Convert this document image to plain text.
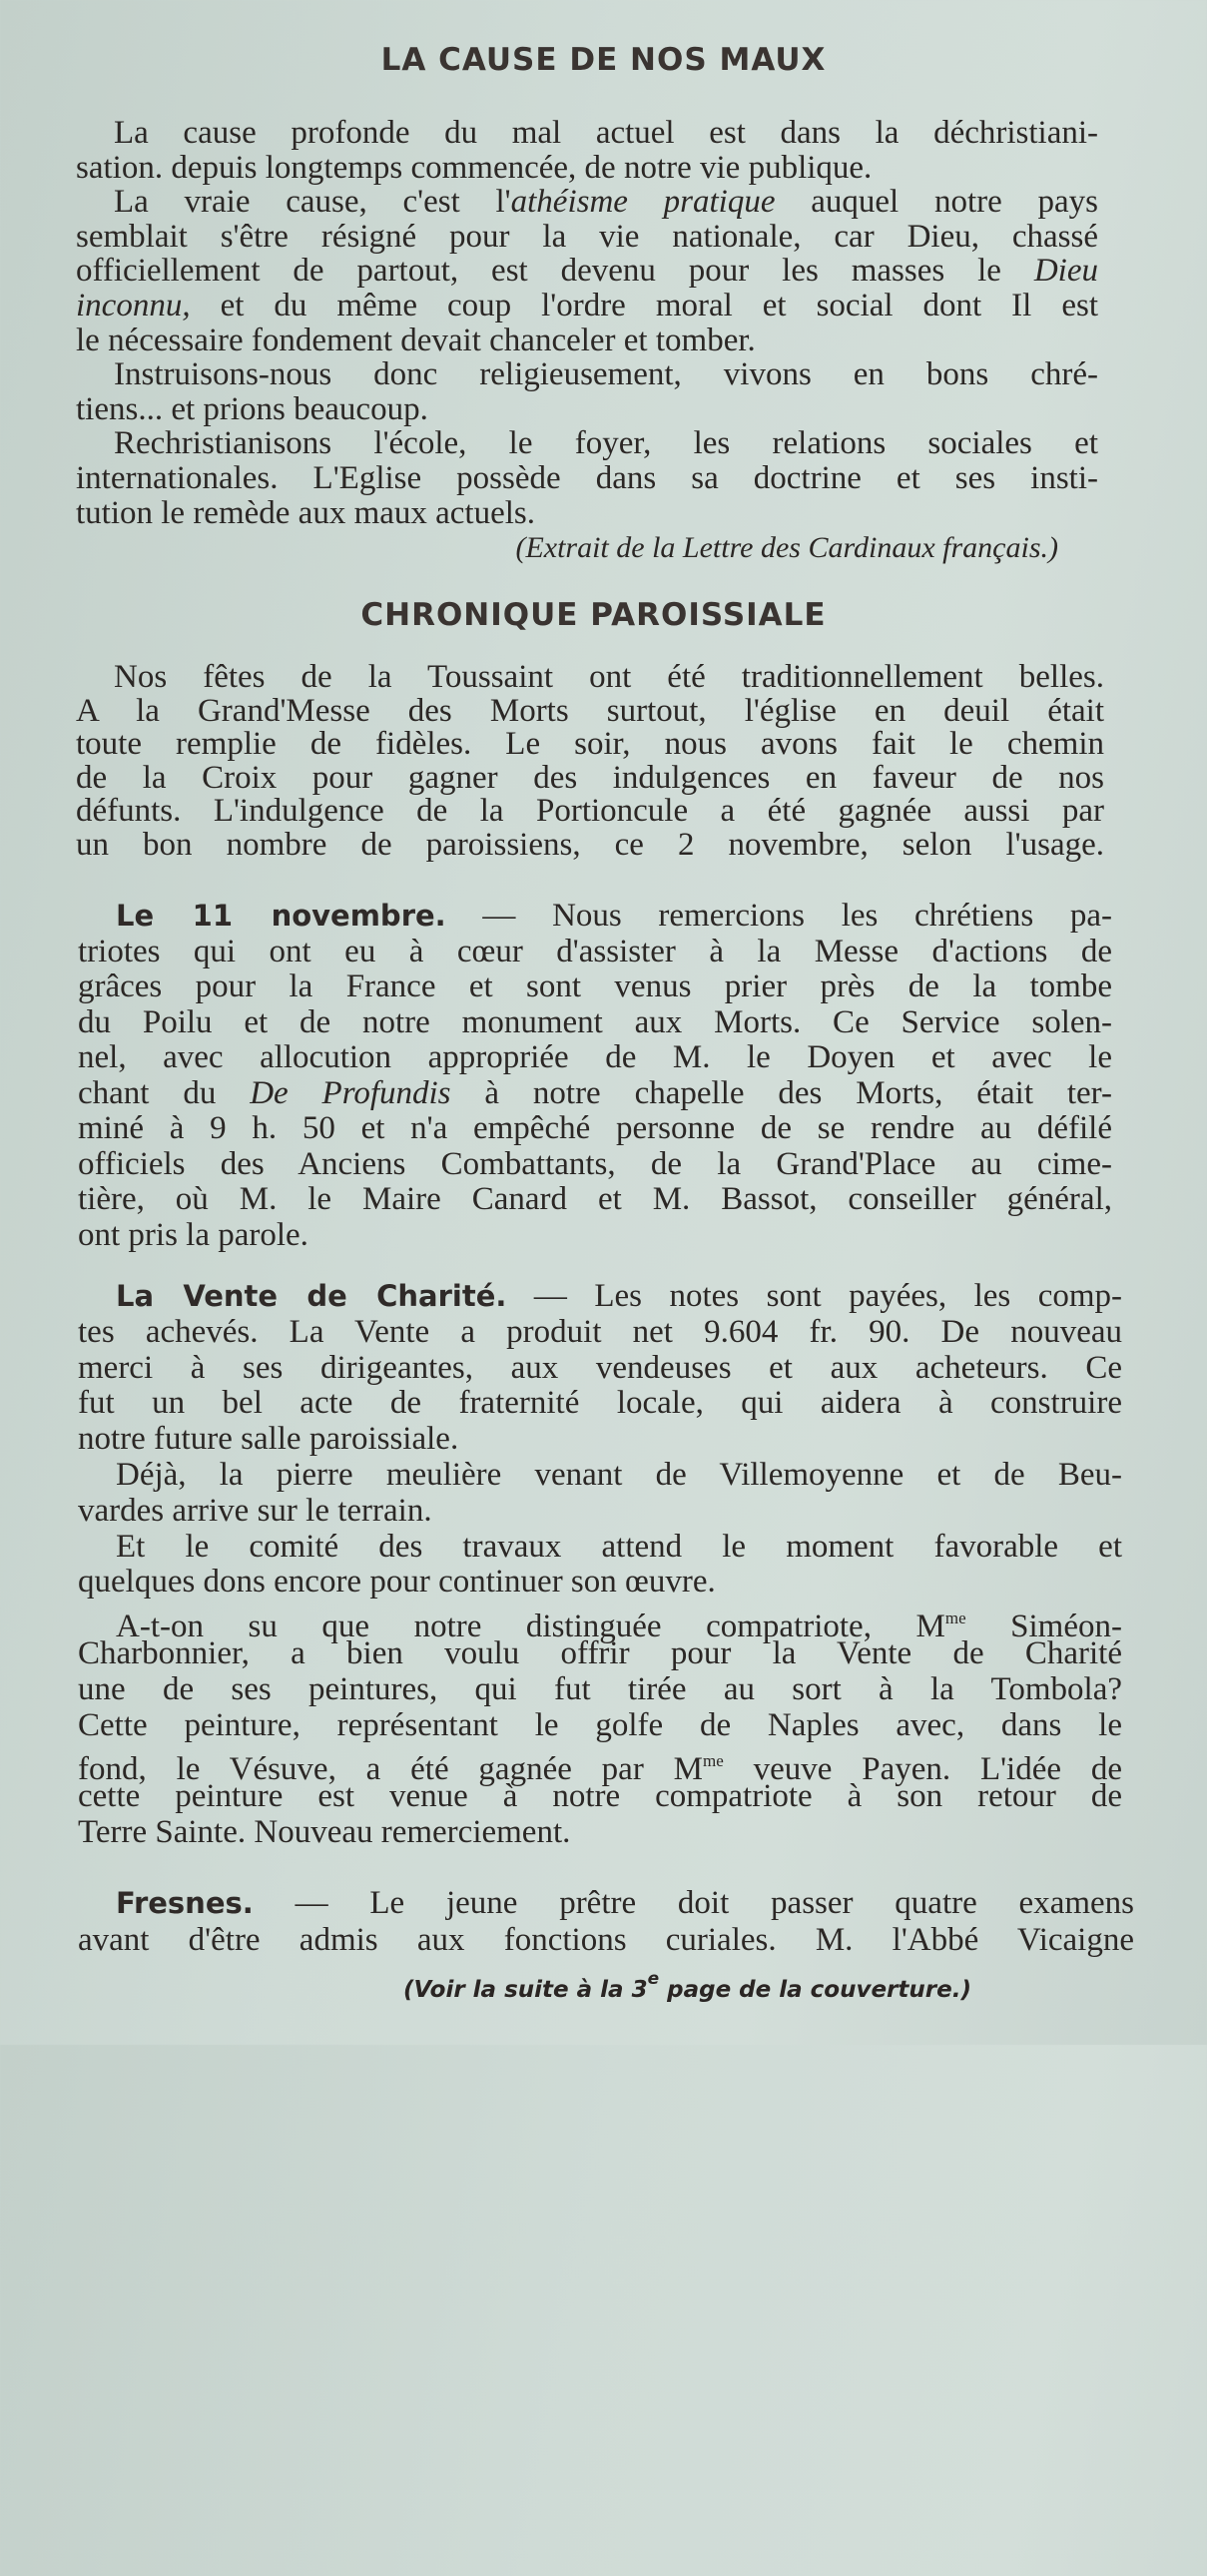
LA CAUSE DE NOS MAUX
La cause profonde du mal actuel est dans la déchristiani-
sation. depuis longtemps commencée, de notre vie publique.
La vraie cause, c'est l'athéisme pratique auquel notre pays
semblait s'être résigné pour la vie nationale, car Dieu, chassé
officiellement de partout, est devenu pour les masses le Dieu
inconnu, et du même coup l'ordre moral et social dont Il est
le nécessaire fondement devait chanceler et tomber.
Instruisons-nous donc religieusement, vivons en bons chré-
tiens... et prions beaucoup.
Rechristianisons l'école, le foyer, les relations sociales et
internationales. L'Eglise possède dans sa doctrine et ses insti-
tution le remède aux maux actuels.
(Extrait de la Lettre des Cardinaux français.)
CHRONIQUE PAROISSIALE
Nos fêtes de la Toussaint ont été traditionnellement belles.
A la Grand'Messe des Morts surtout, l'église en deuil était
toute remplie de fidèles. Le soir, nous avons fait le chemin
de la Croix pour gagner des indulgences en faveur de nos
défunts. L'indulgence de la Portioncule a été gagnée aussi par
un bon nombre de paroissiens, ce 2 novembre, selon l'usage.
Le 11 novembre. — Nous remercions les chrétiens pa-
triotes qui ont eu à cœur d'assister à la Messe d'actions de
grâces pour la France et sont venus prier près de la tombe
du Poilu et de notre monument aux Morts. Ce Service solen-
nel, avec allocution appropriée de M. le Doyen et avec le
chant du De Profundis à notre chapelle des Morts, était ter-
miné à 9 h. 50 et n'a empêché personne de se rendre au défilé
officiels des Anciens Combattants, de la Grand'Place au cime-
tière, où M. le Maire Canard et M. Bassot, conseiller général,
ont pris la parole.
La Vente de Charité. — Les notes sont payées, les comp-
tes achevés. La Vente a produit net 9.604 fr. 90. De nouveau
merci à ses dirigeantes, aux vendeuses et aux acheteurs. Ce
fut un bel acte de fraternité locale, qui aidera à construire
notre future salle paroissiale.
Déjà, la pierre meulière venant de Villemoyenne et de Beu-
vardes arrive sur le terrain.
Et le comité des travaux attend le moment favorable et
quelques dons encore pour continuer son œuvre.
A-t-on su que notre distinguée compatriote, $M^{me}$ Siméon-
Charbonnier, a bien voulu offrir pour la Vente de Charité
une de ses peintures, qui fut tirée au sort à la Tombola?
Cette peinture, représentant le golfe de Naples avec, dans le
fond, le Vésuve, a été gagnée par $M^{me}$ veuve Payen. L'idée de
cette peinture est venue à notre compatriote à son retour de
Terre Sainte. Nouveau remerciement.
Fresnes. — Le jeune prêtre doit passer quatre examens
avant d'être admis aux fonctions curiales. M. l'Abbé Vicaigne
(Voir la suite à la 3e page de la couverture.)
